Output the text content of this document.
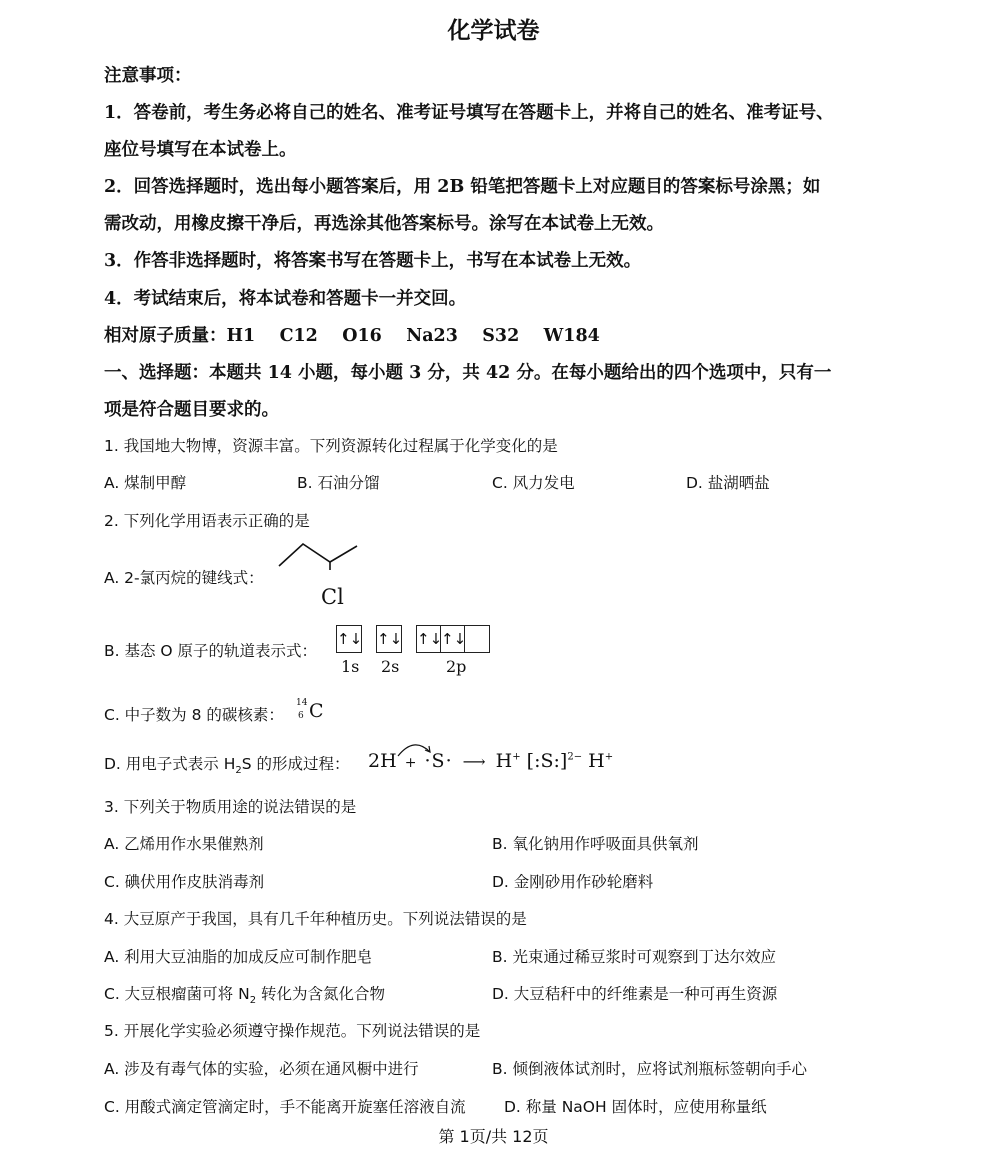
化学试卷
注意事项：
1．答卷前，考生务必将自己的姓名、准考证号填写在答题卡上，并将自己的姓名、准考证号、
座位号填写在本试卷上。
2．回答选择题时，选出每小题答案后，用 2B 铅笔把答题卡上对应题目的答案标号涂黑；如
需改动，用橡皮擦干净后，再选涂其他答案标号。涂写在本试卷上无效。
3．作答非选择题时，将答案书写在答题卡上，书写在本试卷上无效。
4．考试结束后，将本试卷和答题卡一并交回。
相对原子质量：H1    C12    O16    Na23    S32    W184
一、选择题：本题共 14 小题，每小题 3 分，共 42 分。在每小题给出的四个选项中，只有一
项是符合题目要求的。
1. 我国地大物博，资源丰富。下列资源转化过程属于化学变化的是
A. 煤制甲醇	B. 石油分馏	C. 风力发电	D. 盐湖晒盐
2. 下列化学用语表示正确的是
A. 2-氯丙烷的键线式：
Cl
B. 基态 O 原子的轨道表示式：
↑↓ ↑↓ ↑↓
↑↓
1s 2s	2p
C. 中子数为 8 的碳核素：
14
6 C
D. 用电子式表示 $H_2S$ 的形成过程： 2H + ·S· ⟶ H+ [:S:]$^{2-}$ H+
3. 下列关于物质用途的说法错误的是
A. 乙烯用作水果催熟剂	B. 氧化钠用作呼吸面具供氧剂
C. 碘伏用作皮肤消毒剂	D. 金刚砂用作砂轮磨料
4. 大豆原产于我国，具有几千年种植历史。下列说法错误的是
A. 利用大豆油脂的加成反应可制作肥皂	B. 光束通过稀豆浆时可观察到丁达尔效应
C. 大豆根瘤菌可将 $N_2$ 转化为含氮化合物	D. 大豆秸秆中的纤维素是一种可再生资源
5. 开展化学实验必须遵守操作规范。下列说法错误的是
A. 涉及有毒气体的实验，必须在通风橱中进行	B. 倾倒液体试剂时，应将试剂瓶标签朝向手心
C. 用酸式滴定管滴定时，手不能离开旋塞任溶液自流 D. 称量 NaOH 固体时，应使用称量纸
第 1页/共 12页
